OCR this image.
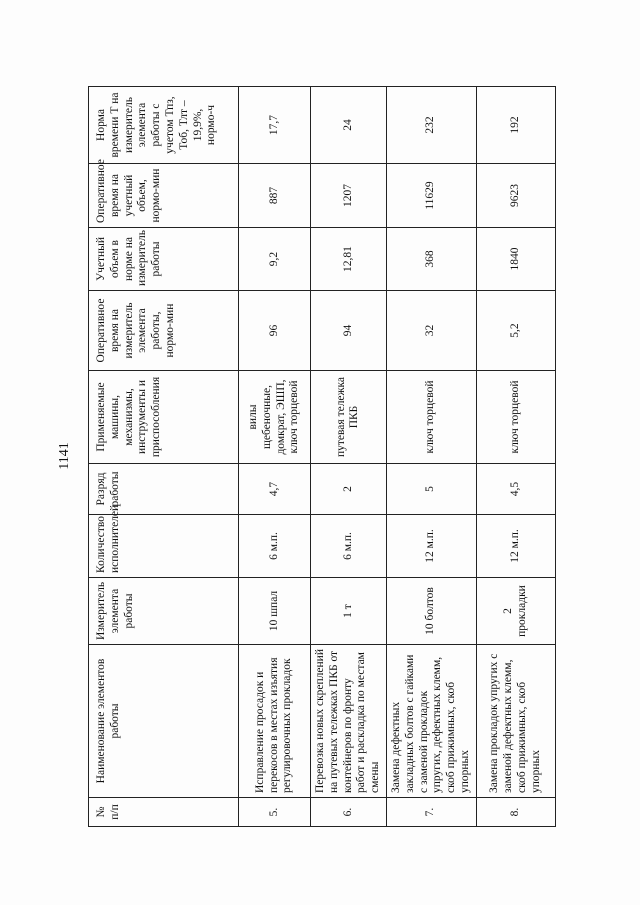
1141
№ п/п	Наименование элементов работы	Измеритель элемента работы	Количество исполнителей	Разряд работы	Применяемые машины, механизмы, инструменты и приспособления	Оперативное время на измеритель элемента работы, нормо-мин	Учетный объем в норме на измеритель работы	Оперативное время на учетный объем, нормо-мин	Норма времени Т на измеритель элемента работы с учетом Тпз, Тоб, Тлт – 19,9%, нормо-ч
5.	Исправление просадок и перекосов в местах изъятия регулировочных прокладок	10 шпал	6 м.п.	4,7	вилы щебеночные, домкрат, ЭШП, ключ торцевой	96	9,2	887	17,7
6.	Перевозка новых скреплений на путевых тележках ПКБ от контейнеров по фронту работ и раскладка по местам смены	1 т	6 м.п.	2	путевая тележка ПКБ	94	12,81	1207	24
7.	Замена дефектных закладных болтов с гайками с заменой прокладок упругих, дефектных клемм, скоб прижимных, скоб упорных	10 болтов	12 м.п.	5	ключ торцевой	32	368	11629	232
8.	Замена прокладок упругих с заменой дефектных клемм, скоб прижимных, скоб упорных	2 прокладки	12 м.п.	4,5	ключ торцевой	5,2	1840	9623	192
